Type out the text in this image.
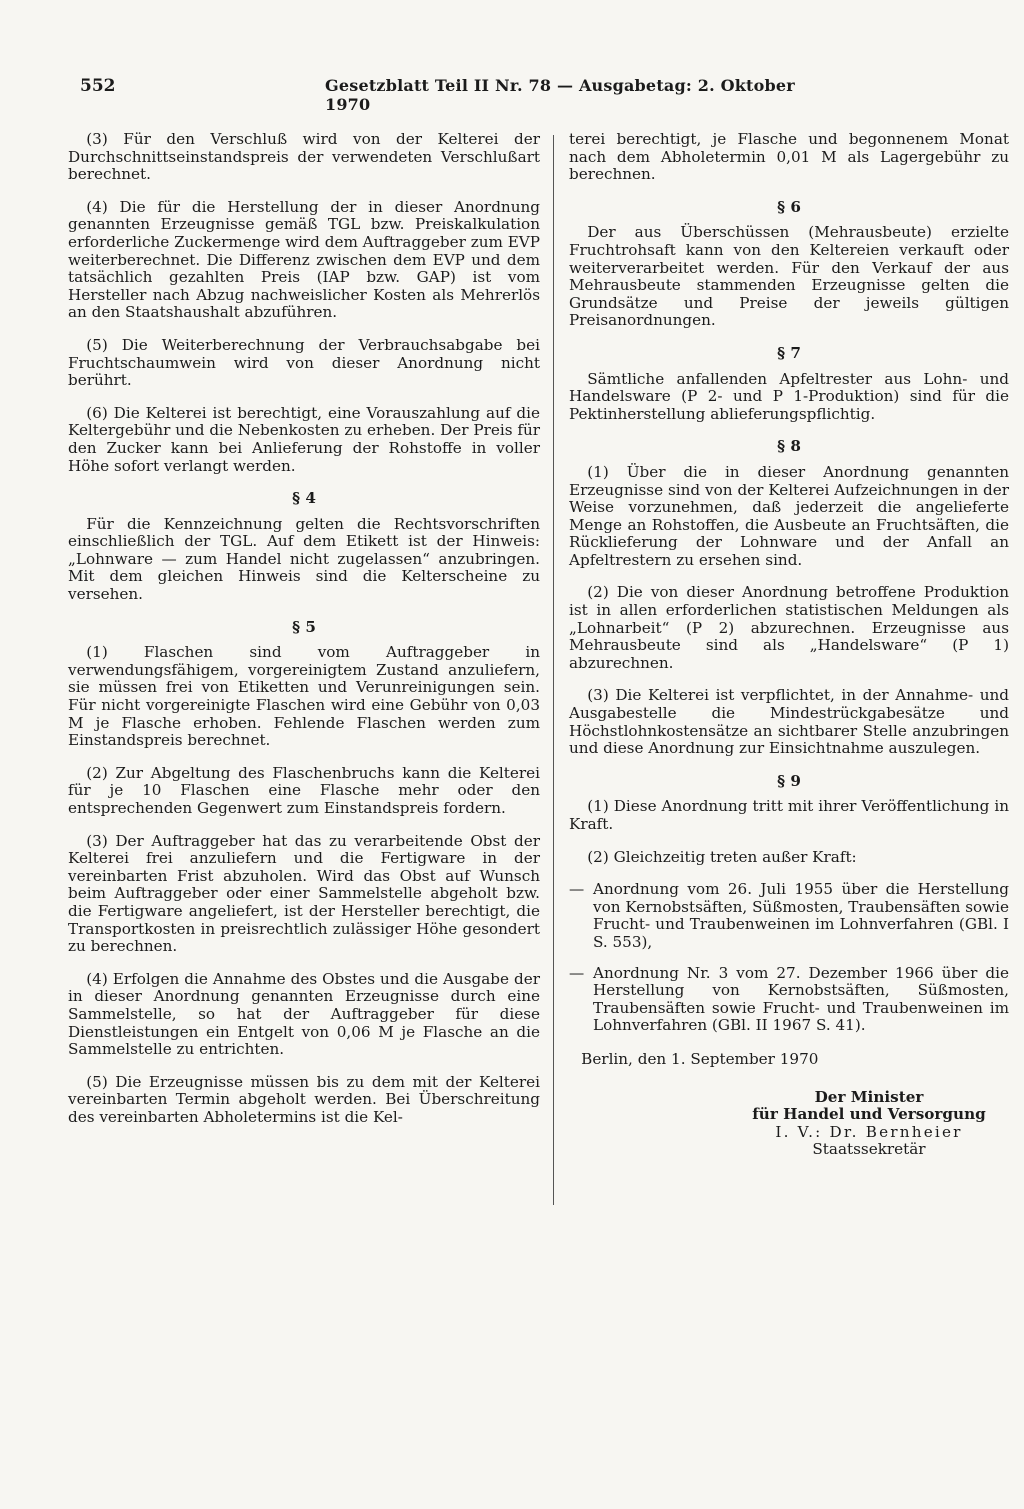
552	Gesetzblatt Teil II Nr. 78 — Ausgabetag: 2. Oktober 1970

(3) Für den Verschluß wird von der Kelterei der Durchschnittseinstandspreis der verwendeten Verschlußart berechnet.

(4) Die für die Herstellung der in dieser Anordnung genannten Erzeugnisse gemäß TGL bzw. Preiskalkulation erforderliche Zuckermenge wird dem Auftraggeber zum EVP weiterberechnet. Die Differenz zwischen dem EVP und dem tatsächlich gezahlten Preis (IAP bzw. GAP) ist vom Hersteller nach Abzug nachweislicher Kosten als Mehrerlös an den Staatshaushalt abzuführen.

(5) Die Weiterberechnung der Verbrauchsabgabe bei Fruchtschaumwein wird von dieser Anordnung nicht berührt.

(6) Die Kelterei ist berechtigt, eine Vorauszahlung auf die Keltergebühr und die Nebenkosten zu erheben. Der Preis für den Zucker kann bei Anlieferung der Rohstoffe in voller Höhe sofort verlangt werden.

§ 4

Für die Kennzeichnung gelten die Rechtsvorschriften einschließlich der TGL. Auf dem Etikett ist der Hinweis: „Lohnware — zum Handel nicht zugelassen“ anzubringen. Mit dem gleichen Hinweis sind die Kelterscheine zu versehen.

§ 5

(1) Flaschen sind vom Auftraggeber in verwendungsfähigem, vorgereinigtem Zustand anzuliefern, sie müssen frei von Etiketten und Verunreinigungen sein. Für nicht vorgereinigte Flaschen wird eine Gebühr von 0,03 M je Flasche erhoben. Fehlende Flaschen werden zum Einstandspreis berechnet.

(2) Zur Abgeltung des Flaschenbruchs kann die Kelterei für je 10 Flaschen eine Flasche mehr oder den entsprechenden Gegenwert zum Einstandspreis fordern.

(3) Der Auftraggeber hat das zu verarbeitende Obst der Kelterei frei anzuliefern und die Fertigware in der vereinbarten Frist abzuholen. Wird das Obst auf Wunsch beim Auftraggeber oder einer Sammelstelle abgeholt bzw. die Fertigware angeliefert, ist der Hersteller berechtigt, die Transportkosten in preisrechtlich zulässiger Höhe gesondert zu berechnen.

(4) Erfolgen die Annahme des Obstes und die Ausgabe der in dieser Anordnung genannten Erzeugnisse durch eine Sammelstelle, so hat der Auftraggeber für diese Dienstleistungen ein Entgelt von 0,06 M je Flasche an die Sammelstelle zu entrichten.

(5) Die Erzeugnisse müssen bis zu dem mit der Kelterei vereinbarten Termin abgeholt werden. Bei Überschreitung des vereinbarten Abholetermins ist die Kel-

terei berechtigt, je Flasche und begonnenem Monat nach dem Abholetermin 0,01 M als Lagergebühr zu berechnen.

§ 6

Der aus Überschüssen (Mehrausbeute) erzielte Fruchtrohsaft kann von den Keltereien verkauft oder weiterverarbeitet werden. Für den Verkauf der aus Mehrausbeute stammenden Erzeugnisse gelten die Grundsätze und Preise der jeweils gültigen Preisanordnungen.

§ 7

Sämtliche anfallenden Apfeltrester aus Lohn- und Handelsware (P 2- und P 1-Produktion) sind für die Pektinherstellung ablieferungspflichtig.

§ 8

(1) Über die in dieser Anordnung genannten Erzeugnisse sind von der Kelterei Aufzeichnungen in der Weise vorzunehmen, daß jederzeit die angelieferte Menge an Rohstoffen, die Ausbeute an Fruchtsäften, die Rücklieferung der Lohnware und der Anfall an Apfeltrestern zu ersehen sind.

(2) Die von dieser Anordnung betroffene Produktion ist in allen erforderlichen statistischen Meldungen als „Lohnarbeit“ (P 2) abzurechnen. Erzeugnisse aus Mehrausbeute sind als „Handelsware“ (P 1) abzurechnen.

(3) Die Kelterei ist verpflichtet, in der Annahme- und Ausgabestelle die Mindestrückgabesätze und Höchstlohnkostensätze an sichtbarer Stelle anzubringen und diese Anordnung zur Einsichtnahme auszulegen.

§ 9

(1) Diese Anordnung tritt mit ihrer Veröffentlichung in Kraft.

(2) Gleichzeitig treten außer Kraft:

— Anordnung vom 26. Juli 1955 über die Herstellung von Kernobstsäften, Süßmosten, Traubensäften sowie Frucht- und Traubenweinen im Lohnverfahren (GBl. I S. 553),

— Anordnung Nr. 3 vom 27. Dezember 1966 über die Herstellung von Kernobstsäften, Süßmosten, Traubensäften sowie Frucht- und Traubenweinen im Lohnverfahren (GBl. II 1967 S. 41).

Berlin, den 1. September 1970

Der Minister

für Handel und Versorgung

I. V.: Dr. Bernheier

Staatssekretär
